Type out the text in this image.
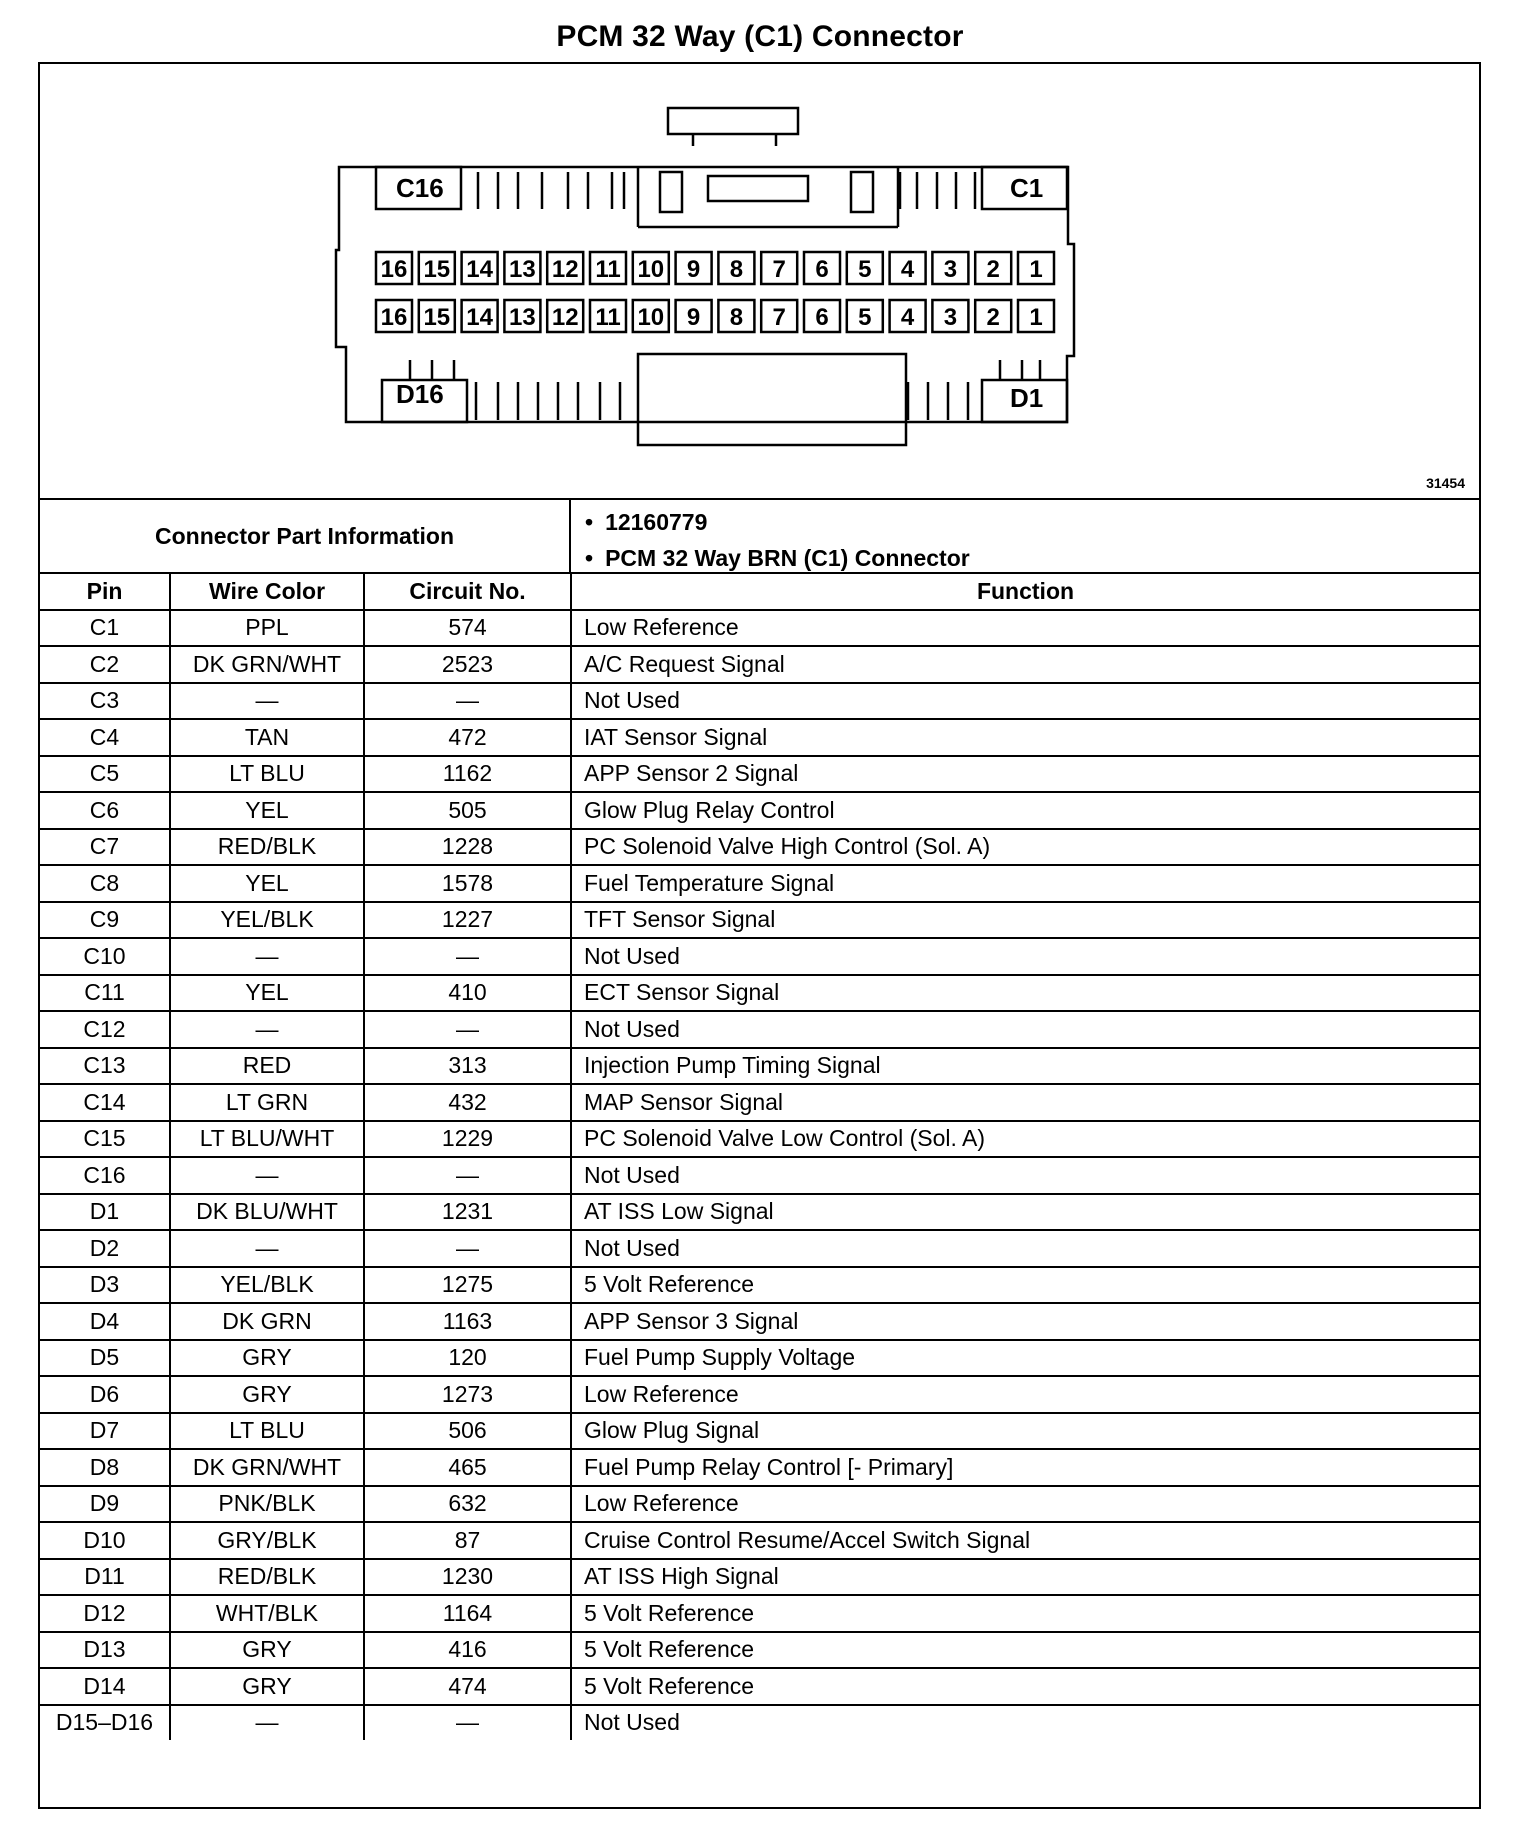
PCM 32 Way (C1) Connector
16 15 14 13 12 11 10 9 8 7 6 5 4 3 2 1
16 15 14 13 12 11 10 9 8 7 6 5 4 3 2 1
C16	C1
D16	D1
31454
Connector Part Information
• 12160779
• PCM 32 Way BRN (C1) Connector
Pin	Wire Color	Circuit No.	Function
C1	PPL	574	Low Reference
C2	DK GRN/WHT	2523	A/C Request Signal
C3	—	—	Not Used
C4	TAN	472	IAT Sensor Signal
C5	LT BLU	1162	APP Sensor 2 Signal
C6	YEL	505	Glow Plug Relay Control
C7	RED/BLK	1228	PC Solenoid Valve High Control (Sol. A)
C8	YEL	1578	Fuel Temperature Signal
C9	YEL/BLK	1227	TFT Sensor Signal
C10	—	—	Not Used
C11	YEL	410	ECT Sensor Signal
C12	—	—	Not Used
C13	RED	313	Injection Pump Timing Signal
C14	LT GRN	432	MAP Sensor Signal
C15	LT BLU/WHT	1229	PC Solenoid Valve Low Control (Sol. A)
C16	—	—	Not Used
D1	DK BLU/WHT	1231	AT ISS Low Signal
D2	—	—	Not Used
D3	YEL/BLK	1275	5 Volt Reference
D4	DK GRN	1163	APP Sensor 3 Signal
D5	GRY	120	Fuel Pump Supply Voltage
D6	GRY	1273	Low Reference
D7	LT BLU	506	Glow Plug Signal
D8	DK GRN/WHT	465	Fuel Pump Relay Control [- Primary]
D9	PNK/BLK	632	Low Reference
D10	GRY/BLK	87	Cruise Control Resume/Accel Switch Signal
D11	RED/BLK	1230	AT ISS High Signal
D12	WHT/BLK	1164	5 Volt Reference
D13	GRY	416	5 Volt Reference
D14	GRY	474	5 Volt Reference
D15–D16	—	—	Not Used
